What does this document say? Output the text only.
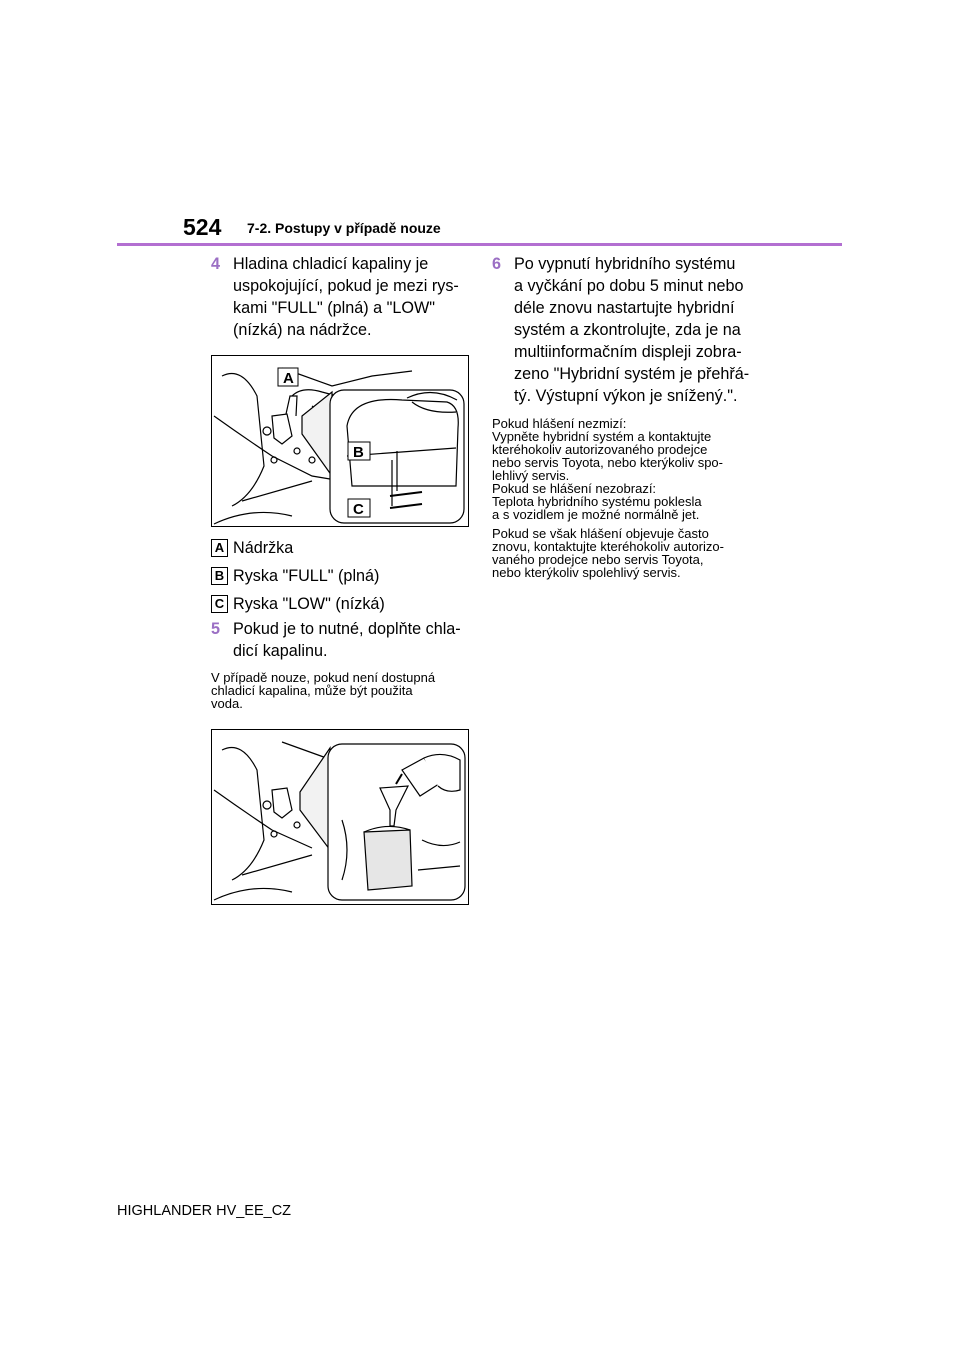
524 7-2. Postupy v případě nouze
4 Hladina chladicí kapaliny je
uspokojující, pokud je mezi rys-
kami "FULL" (plná) a "LOW"
(nízká) na nádržce.
A
B
C
A Nádržka
B Ryska "FULL" (plná)
C Ryska "LOW" (nízká)
5 Pokud je to nutné, doplňte chla-
dicí kapalinu.
V případě nouze, pokud není dostupná
chladicí kapalina, může být použita
voda.
6 Po vypnutí hybridního systému
a vyčkání po dobu 5 minut nebo
déle znovu nastartujte hybridní
systém a zkontrolujte, zda je na
multiinformačním displeji zobra-
zeno "Hybridní systém je přehřá-
tý. Výstupní výkon je snížený.".
Pokud hlášení nezmizí:
Vypněte hybridní systém a kontaktujte
kteréhokoliv autorizovaného prodejce
nebo servis Toyota, nebo kterýkoliv spo-
lehlivý servis.
Pokud se hlášení nezobrazí:
Teplota hybridního systému poklesla
a s vozidlem je možné normálně jet.
Pokud se však hlášení objevuje často
znovu, kontaktujte kteréhokoliv autorizo-
vaného prodejce nebo servis Toyota,
nebo kterýkoliv spolehlivý servis.
HIGHLANDER HV_EE_CZ
